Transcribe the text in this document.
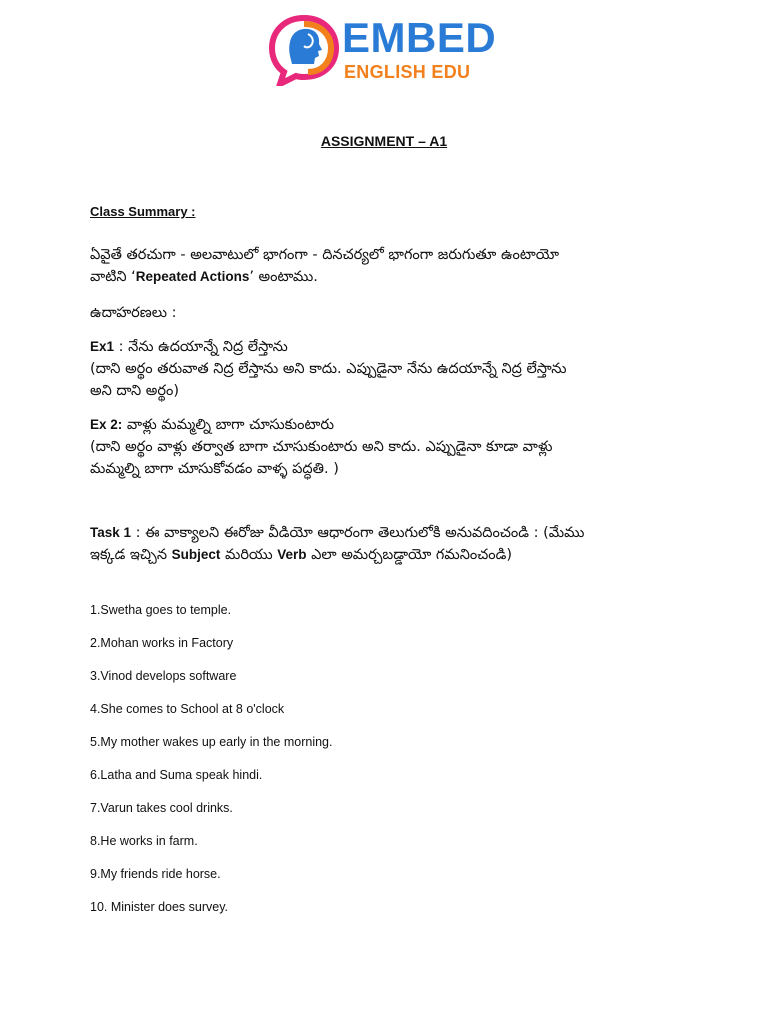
EMBED
ENGLISH EDU
ASSIGNMENT – A1
Class Summary :
ఏవైతే తరచుగా - అలవాటులో భాగంగా - దినచర్యలో భాగంగా జరుగుతూ ఉంటాయో
వాటిని ‘Repeated Actions’ అంటాము.
ఉదాహరణలు :
Ex1 : నేను ఉదయాన్నే నిద్ర లేస్తాను
(దాని అర్థం తరువాత నిద్ర లేస్తాను అని కాదు. ఎప్పుడైనా నేను ఉదయాన్నే నిద్ర లేస్తాను
అని దాని అర్థం)
Ex 2: వాళ్లు మమ్మల్ని బాగా చూసుకుంటారు
(దాని అర్థం వాళ్లు తర్వాత బాగా చూసుకుంటారు అని కాదు. ఎప్పుడైనా కూడా వాళ్లు
మమ్మల్ని బాగా చూసుకోవడం వాళ్ళ పద్ధతి. )
Task 1 : ఈ వాక్యాలని ఈరోజు వీడియో ఆధారంగా తెలుగులోకి అనువదించండి : (మేము
ఇక్కడ ఇచ్చిన Subject మరియు Verb ఎలా అమర్చబడ్డాయో గమనించండి)
1.Swetha goes to temple.
2.Mohan works in Factory
3.Vinod develops software
4.She comes to School at 8 o'clock
5.My mother wakes up early in the morning.
6.Latha and Suma speak hindi.
7.Varun takes cool drinks.
8.He works in farm.
9.My friends ride horse.
10. Minister does survey.
